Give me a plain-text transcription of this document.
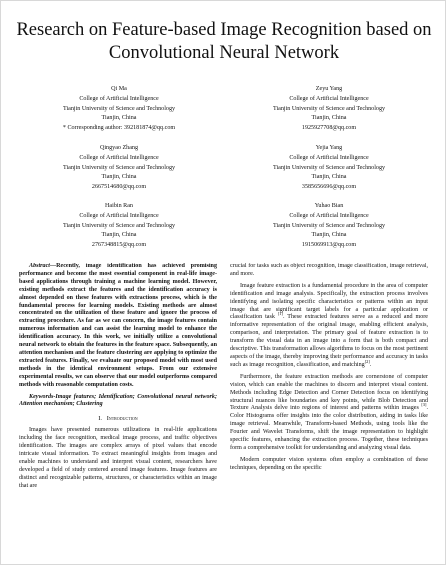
Research on Feature-based Image Recognition based on Convolutional Neural Network
Qi Ma
College of Artificial Intelligence
Tianjin University of Science and Technology
Tianjin, China
* Corresponding author: 392181874@qq.com
Qingyao Zhang
College of Artificial Intelligence
Tianjin University of Science and Technology
Tianjin, China
2667514680@qq.com
Haibin Ran
College of Artificial Intelligence
Tianjin University of Science and Technology
Tianjin, China
2767348815@qq.com
Zeyu Yang
College of Artificial Intelligence
Tianjin University of Science and Technology
Tianjin, China
1925927708@qq.com
Yejia Yang
College of Artificial Intelligence
Tianjin University of Science and Technology
Tianjin, China
3585656696@qq.com
Yuhao Bian
College of Artificial Intelligence
Tianjin University of Science and Technology
Tianjin, China
1915069913@qq.com

Abstract—Recently, image identification has achieved promising performance and become the most essential component in real-life image-based applications through training a machine learning model. However, existing methods extract the features and the identification accuracy is almost depended on these features with extractions process, which is the fundamental process for learning models. Existing methods are almost concentrated on the utilization of these feature and ignore the process of extracting procedure. As far as we can concern, the image features contain numerous information and can assist the learning model to enhance the identification accuracy. In this work, we initially utilize a convolutional neural network to obtain the features in the feature space. Subsequently, an attention mechanism and the feature clustering are applying to optimize the extracted features. Finally, we evaluate our proposed model with most used methods in the identical environment setups. From our extensive experimental results, we can observe that our model outperforms compared methods with reasonable computation costs.

Keywords-Image features; Identification; Convolutional neural network; Attention mechanism; Clustering

I. Introduction

Images have presented numerous utilizations in real-life applications including the face recognition, medical image process, and traffic objectives identification. The images are complex arrays of pixel values that encode intricate visual information. To extract meaningful insights from images and enable machines to understand and interpret visual content, researchers have developed a field of study centered around image features. Image features are distinct and recognizable patterns, structures, or characteristics within an image that are

crucial for tasks such as object recognition, image classification, image retrieval, and more.

Image feature extraction is a fundamental procedure in the area of computer identification and image analysis. Specifically, the extraction process involves identifying and isolating specific characteristics or patterns within an input image that are significant target labels for a particular application or classification task [1]. These extracted features serve as a reduced and more informative representation of the original image, enabling efficient analysis, comparison, and interpretation. The primary goal of feature extraction is to transform the visual data in an image into a form that is both compact and descriptive. This transformation allows algorithms to focus on the most pertinent aspects of the image, thereby improving their performance and accuracy in tasks such as image recognition, classification, and matching[2].

Furthermore, the feature extraction methods are cornerstone of computer vision, which can enable the machines to discern and interpret visual content. Methods including Edge Detection and Corner Detection focus on identifying structural nuances like boundaries and key points, while Blob Detection and Texture Analysis delve into regions of interest and patterns within images [3]. Color Histograms offer insights into the color distribution, aiding in tasks like image retrieval. Meanwhile, Transform-based Methods, using tools like the Fourier and Wavelet Transforms, shift the image representation to highlight specific features, enhancing the extraction process. Together, these techniques form a comprehensive toolkit for understanding and analyzing visual data.

Modern computer vision systems often employ a combination of these techniques, depending on the specific
